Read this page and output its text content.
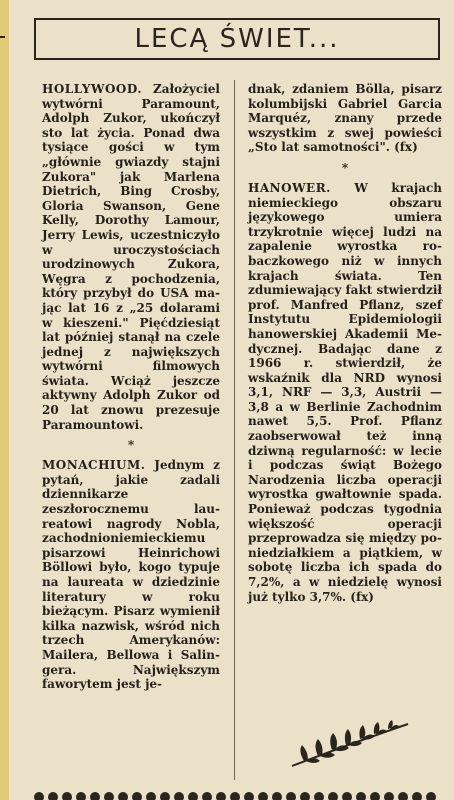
LECĄ ŚWIET...

HOLLYWOOD. Założyciel wytwórni Paramount, Adolph Zukor, ukończył sto lat życia. Ponad dwa tysiące gości w tym „głównie gwiazdy stajni Zukora" jak Marlena Dietrich, Bing Crosby, Gloria Swanson, Gene Kelly, Dorothy Lamour, Jerry Lewis, uczestniczyło w uroczystościach urodzinowych Zukora, Węgra z pochodzenia, który przybył do USA mając lat 16 z „25 dolarami w kieszeni." Pięćdziesiąt lat później stanął na czele jednej z największych wytwórni filmowych świata. Wciąż jeszcze aktywny Adolph Zukor od 20 lat znowu prezesuje Paramountowi.

*

MONACHIUM. Jednym z pytań, jakie zadali dziennikarze zeszłorocznemu laureatowi nagrody Nobla, zachodnioniemieckiemu pisarzowi Heinrichowi Böllowi było, kogo typuje na laureata w dziedzinie literatury w roku bieżącym. Pisarz wymienił kilka nazwisk, wśród nich trzech Amerykanów: Mailera, Bellowa i Salingera. Największym faworytem jest je-

dnak, zdaniem Bölla, pisarz kolumbijski Gabriel Garcia Marquéz, znany przede wszystkim z swej powieści „Sto lat samotności". (fx)

*

HANOWER. W krajach niemieckiego obszaru językowego umiera trzykrotnie więcej ludzi na zapalenie wyrostka robaczkowego niż w innych krajach świata. Ten zdumiewający fakt stwierdził prof. Manfred Pflanz, szef Instytutu Epidemiologii hanowerskiej Akademii Medycznej. Badając dane z 1966 r. stwierdził, że wskaźnik dla NRD wynosi 3,1, NRF — 3,3, Austrii — 3,8 a w Berlinie Zachodnim nawet 5,5. Prof. Pflanz zaobserwował też inną dziwną regularność: w lecie i podczas świąt Bożego Narodzenia liczba operacji wyrostka gwałtownie spada. Ponieważ podczas tygodnia większość operacji przeprowadza się między poniedziałkiem a piątkiem, w sobotę liczba ich spada do 7,2%, a w niedzielę wynosi już tylko 3,7%. (fx)
